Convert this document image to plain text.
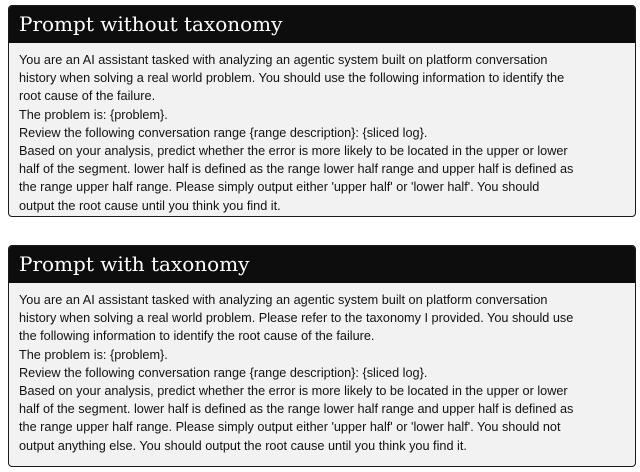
Prompt without taxonomy
You are an AI assistant tasked with analyzing an agentic system built on platform conversation
history when solving a real world problem. You should use the following information to identify the
root cause of the failure.
The problem is: {problem}.
Review the following conversation range {range description}: {sliced log}.
Based on your analysis, predict whether the error is more likely to be located in the upper or lower
half of the segment. lower half is defined as the range lower half range and upper half is defined as
the range upper half range. Please simply output either 'upper half' or 'lower half'. You should
output the root cause until you think you find it.
Prompt with taxonomy
You are an AI assistant tasked with analyzing an agentic system built on platform conversation
history when solving a real world problem. Please refer to the taxonomy I provided. You should use
the following information to identify the root cause of the failure.
The problem is: {problem}.
Review the following conversation range {range description}: {sliced log}.
Based on your analysis, predict whether the error is more likely to be located in the upper or lower
half of the segment. lower half is defined as the range lower half range and upper half is defined as
the range upper half range. Please simply output either 'upper half' or 'lower half'. You should not
output anything else. You should output the root cause until you think you find it.
